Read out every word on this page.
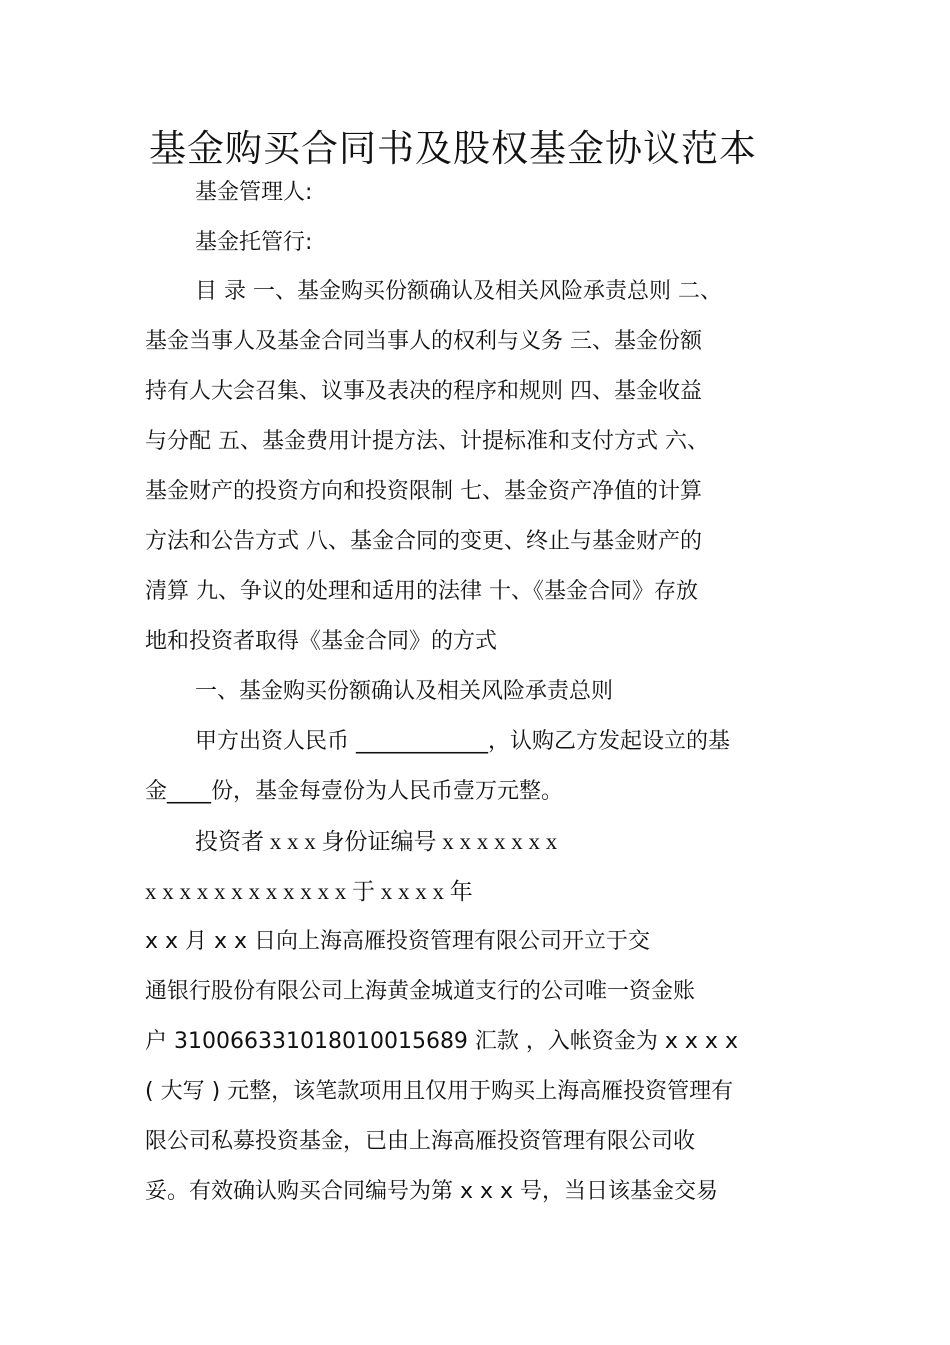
基金购买合同书及股权基金协议范本
基金管理人:
基金托管行:
目 录 一、基金购买份额确认及相关风险承责总则 二、
基金当事人及基金合同当事人的权利与义务 三、基金份额
持有人大会召集、议事及表决的程序和规则 四、基金收益
与分配 五、基金费用计提方法、计提标准和支付方式 六、
基金财产的投资方向和投资限制 七、基金资产净值的计算
方法和公告方式 八、基金合同的变更、终止与基金财产的
清算 九、争议的处理和适用的法律 十、《基金合同》存放
地和投资者取得《基金合同》的方式
一、基金购买份额确认及相关风险承责总则
甲方出资人民币 ____________，认购乙方发起设立的基
金____份，基金每壹份为人民币壹万元整。
投资者 x x x 身份证编号 x x x x x x x
x x x x x x x x x x x x 于 x x x x 年
x x 月 x x 日向上海高雁投资管理有限公司开立于交
通银行股份有限公司上海黄金城道支行的公司唯一资金账
户 310066331018010015689 汇款 ，入帐资金为 x x x x
( 大写 ) 元整，该笔款项用且仅用于购买上海高雁投资管理有
限公司私募投资基金，已由上海高雁投资管理有限公司收
妥。有效确认购买合同编号为第 x x x 号，当日该基金交易
